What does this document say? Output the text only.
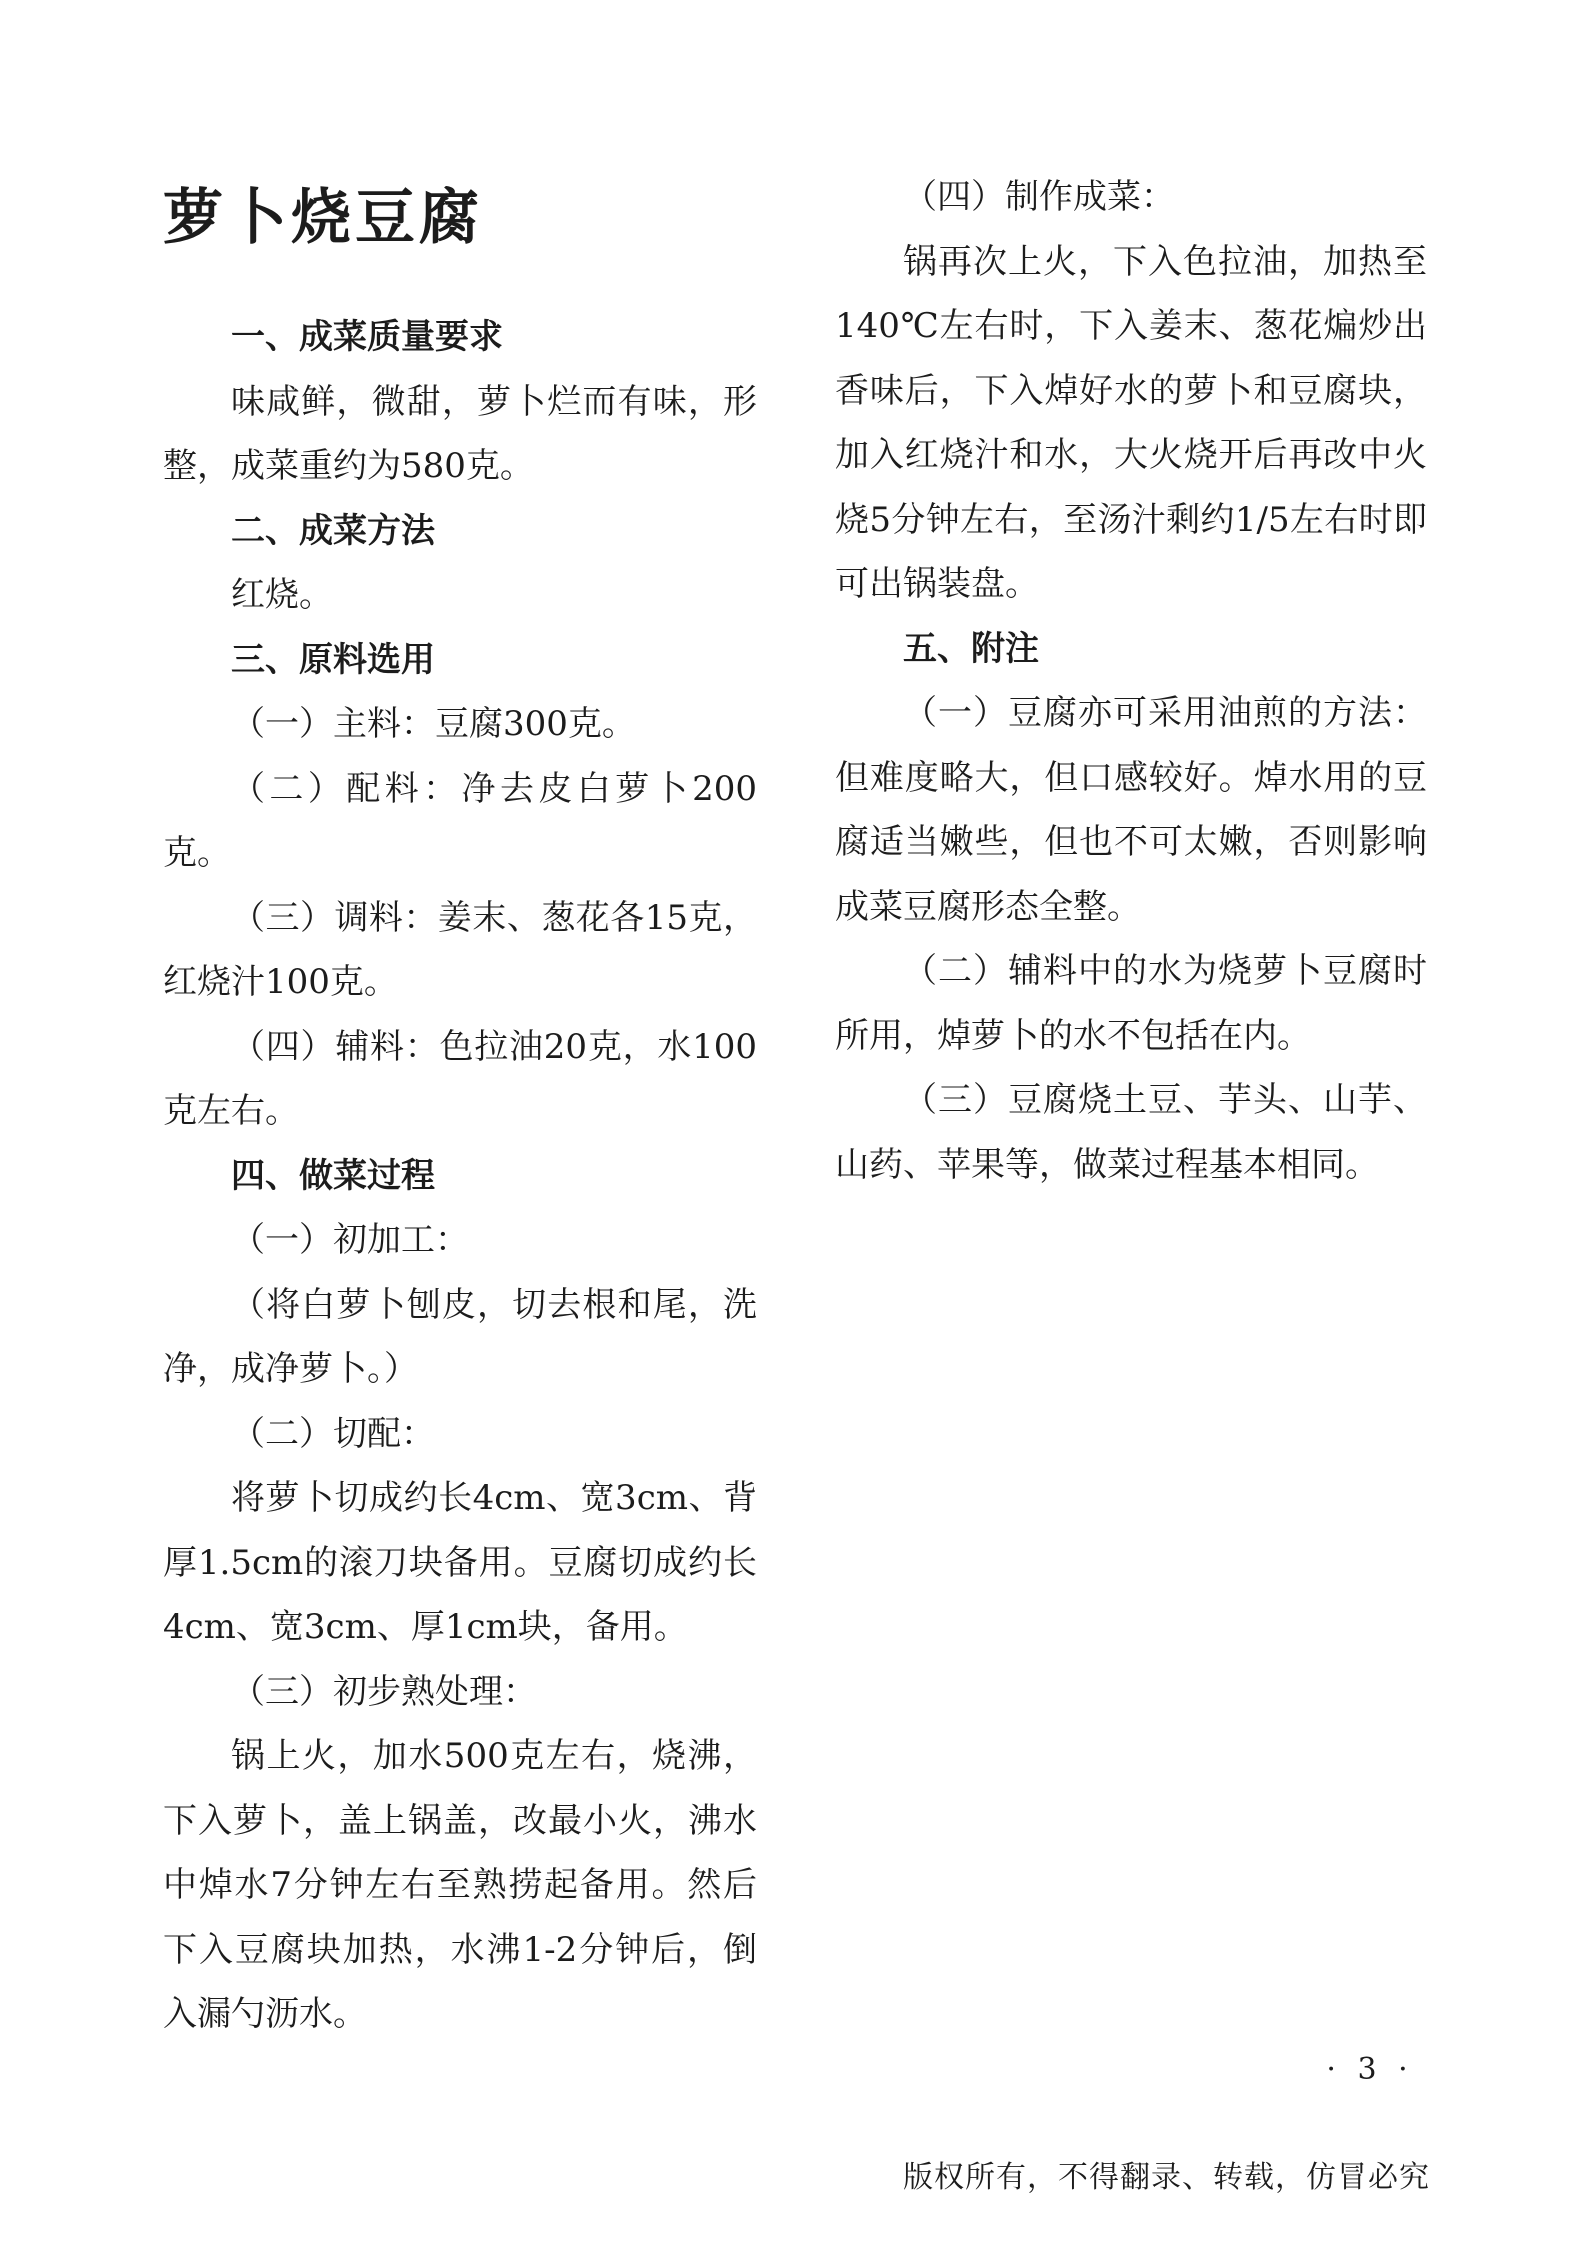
萝卜烧豆腐

一、成菜质量要求

味咸鲜，微甜，萝卜烂而有味，形整，成菜重约为580克。

二、成菜方法

红烧。

三、原料选用

（一）主料：豆腐300克。

（二）配料：净去皮白萝卜200克。

（三）调料：姜末、葱花各15克，红烧汁100克。

（四）辅料：色拉油20克，水100克左右。

四、做菜过程

（一）初加工：

（将白萝卜刨皮，切去根和尾，洗净，成净萝卜。）

（二）切配：

将萝卜切成约长4cm、宽3cm、背厚1.5cm的滚刀块备用。豆腐切成约长4cm、宽3cm、厚1cm块，备用。

（三）初步熟处理：

锅上火，加水500克左右，烧沸，下入萝卜，盖上锅盖，改最小火，沸水中焯水7分钟左右至熟捞起备用。然后下入豆腐块加热，水沸1-2分钟后，倒入漏勺沥水。

（四）制作成菜：

锅再次上火，下入色拉油，加热至140℃左右时，下入姜末、葱花煸炒出香味后，下入焯好水的萝卜和豆腐块，加入红烧汁和水，大火烧开后再改中火烧5分钟左右，至汤汁剩约1/5左右时即可出锅装盘。

五、附注

（一）豆腐亦可采用油煎的方法：但难度略大，但口感较好。焯水用的豆腐适当嫩些，但也不可太嫩，否则影响成菜豆腐形态全整。

（二）辅料中的水为烧萝卜豆腐时所用，焯萝卜的水不包括在内。

（三）豆腐烧土豆、芋头、山芋、山药、苹果等，做菜过程基本相同。

· 3 ·
版权所有，不得翻录、转载，仿冒必究
